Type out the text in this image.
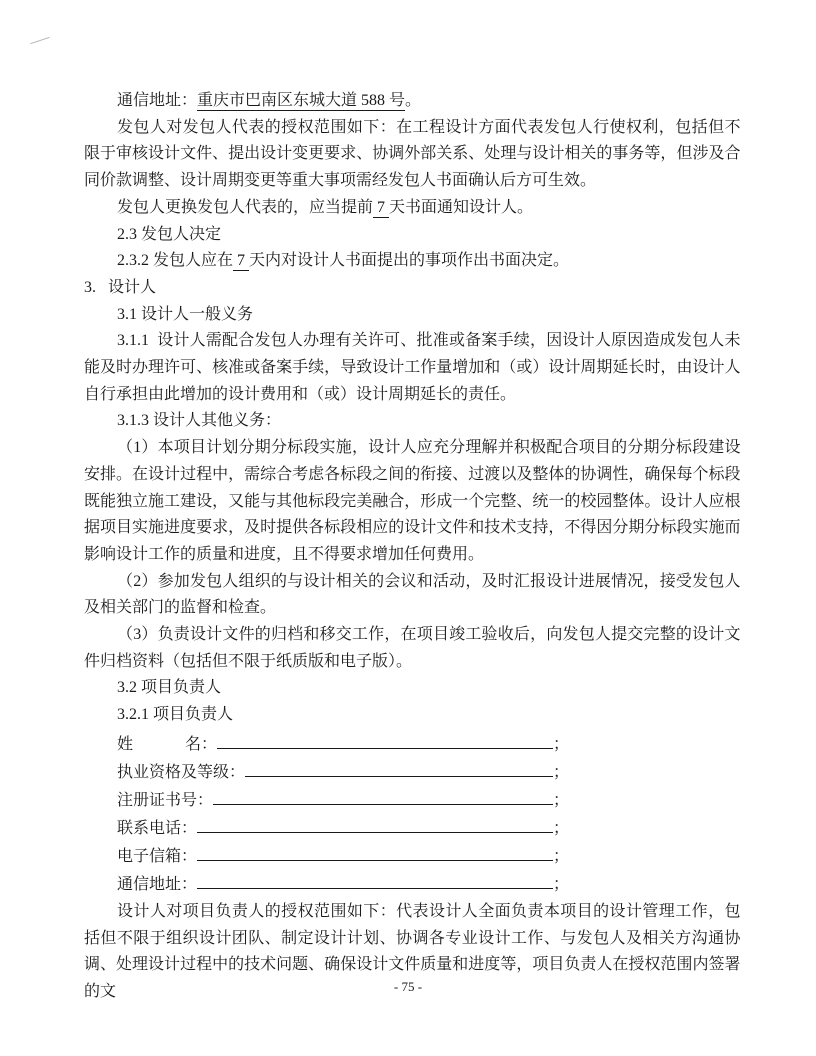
通信地址：重庆市巴南区东城大道 588 号。

发包人对发包人代表的授权范围如下：在工程设计方面代表发包人行使权利，包括但不限于审核设计文件、提出设计变更要求、协调外部关系、处理与设计相关的事务等，但涉及合同价款调整、设计周期变更等重大事项需经发包人书面确认后方可生效。

发包人更换发包人代表的，应当提前 7 天书面通知设计人。

2.3 发包人决定

2.3.2 发包人应在 7 天内对设计人书面提出的事项作出书面决定。

3.   设计人

3.1 设计人一般义务

3.1.1 设计人需配合发包人办理有关许可、批准或备案手续，因设计人原因造成发包人未能及时办理许可、核准或备案手续，导致设计工作量增加和（或）设计周期延长时，由设计人自行承担由此增加的设计费用和（或）设计周期延长的责任。

3.1.3 设计人其他义务：

（1）本项目计划分期分标段实施，设计人应充分理解并积极配合项目的分期分标段建设安排。在设计过程中，需综合考虑各标段之间的衔接、过渡以及整体的协调性，确保每个标段既能独立施工建设，又能与其他标段完美融合，形成一个完整、统一的校园整体。设计人应根据项目实施进度要求，及时提供各标段相应的设计文件和技术支持，不得因分期分标段实施而影响设计工作的质量和进度，且不得要求增加任何费用。

（2）参加发包人组织的与设计相关的会议和活动，及时汇报设计进展情况，接受发包人及相关部门的监督和检查。

（3）负责设计文件的归档和移交工作，在项目竣工验收后，向发包人提交完整的设计文件归档资料（包括但不限于纸质版和电子版）。

3.2 项目负责人

3.2.1 项目负责人

姓　　　 名：	；
执业资格及等级：	；
注册证书号：	；
联系电话：	；
电子信箱：	；
通信地址：	；

设计人对项目负责人的授权范围如下：代表设计人全面负责本项目的设计管理工作，包括但不限于组织设计团队、制定设计计划、协调各专业设计工作、与发包人及相关方沟通协调、处理设计过程中的技术问题、确保设计文件质量和进度等，项目负责人在授权范围内签署的文	- 75 -
